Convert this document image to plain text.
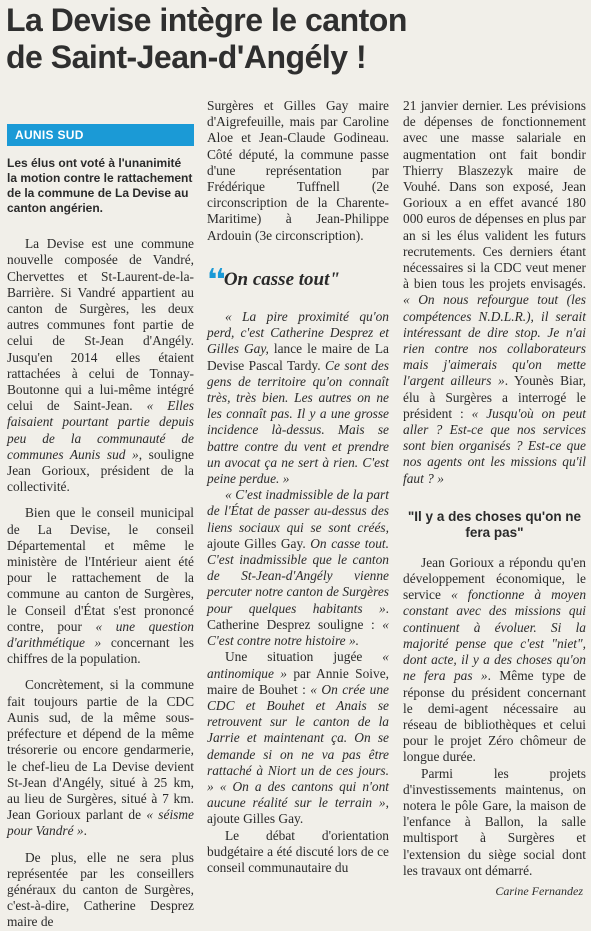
La Devise intègre le canton
de Saint-Jean-d'Angély !
AUNIS SUD

Les élus ont voté à l'unanimité la motion contre le rattachement de la commune de La Devise au canton angérien.

La Devise est une commune nouvelle composée de Vandré, Chervettes et St-Laurent-de-la-Barrière. Si Vandré appartient au canton de Surgères, les deux autres communes font partie de celui de St-Jean d'Angély. Jusqu'en 2014 elles étaient rattachées à celui de Tonnay-Boutonne qui a lui-même intégré celui de Saint-Jean. « Elles faisaient pourtant partie depuis peu de la communauté de communes Aunis sud », souligne Jean Gorioux, président de la collectivité.

Bien que le conseil municipal de La Devise, le conseil Départemental et même le ministère de l'Intérieur aient été pour le rattachement de la commune au canton de Surgères, le Conseil d'État s'est prononcé contre, pour « une question d'arithmétique » concernant les chiffres de la population.

Concrètement, si la commune fait toujours partie de la CDC Aunis sud, de la même sous-préfecture et dépend de la même trésorerie ou encore gendarmerie, le chef-lieu de La Devise devient St-Jean d'Angély, situé à 25 km, au lieu de Surgères, situé à 7 km. Jean Gorioux parlant de « séisme pour Vandré ».

De plus, elle ne sera plus représentée par les conseillers généraux du canton de Surgères, c'est-à-dire, Catherine Desprez maire de

Surgères et Gilles Gay maire d'Aigrefeuille, mais par Caroline Aloe et Jean-Claude Godineau. Côté député, la commune passe d'une représentation par Frédérique Tuffnell (2e circonscription de la Charente-Maritime) à Jean-Philippe Ardouin (3e circonscription).

❛❛On casse tout"

« La pire proximité qu'on perd, c'est Catherine Desprez et Gilles Gay, lance le maire de La Devise Pascal Tardy. Ce sont des gens de territoire qu'on connaît très, très bien. Les autres on ne les connaît pas. Il y a une grosse incidence là-dessus. Mais se battre contre du vent et prendre un avocat ça ne sert à rien. C'est peine perdue. »

« C'est inadmissible de la part de l'État de passer au-dessus des liens sociaux qui se sont créés, ajoute Gilles Gay. On casse tout. C'est inadmissible que le canton de St-Jean-d'Angély vienne percuter notre canton de Surgères pour quelques habitants ». Catherine Desprez souligne : « C'est contre notre histoire ».

Une situation jugée « antinomique » par Annie Soive, maire de Bouhet : « On crée une CDC et Bouhet et Anais se retrouvent sur le canton de la Jarrie et maintenant ça. On se demande si on ne va pas être rattaché à Niort un de ces jours. » « On a des cantons qui n'ont aucune réalité sur le terrain », ajoute Gilles Gay.

Le débat d'orientation budgétaire a été discuté lors de ce conseil communautaire du

21 janvier dernier. Les prévisions de dépenses de fonctionnement avec une masse salariale en augmentation ont fait bondir Thierry Blaszezyk maire de Vouhé. Dans son exposé, Jean Gorioux a en effet avancé 180 000 euros de dépenses en plus par an si les élus valident les futurs recrutements. Ces derniers étant nécessaires si la CDC veut mener à bien tous les projets envisagés. « On nous refourgue tout (les compétences N.D.L.R.), il serait intéressant de dire stop. Je n'ai rien contre nos collaborateurs mais j'aimerais qu'on mette l'argent ailleurs ». Younès Biar, élu à Surgères a interrogé le président : « Jusqu'où on peut aller ? Est-ce que nos services sont bien organisés ? Est-ce que nos agents ont les missions qu'il faut ? »

"Il y a des choses qu'on ne fera pas"

Jean Gorioux a répondu qu'en développement économique, le service « fonctionne à moyen constant avec des missions qui continuent à évoluer. Si la majorité pense que c'est "niet", dont acte, il y a des choses qu'on ne fera pas ». Même type de réponse du président concernant le demi-agent nécessaire au réseau de bibliothèques et celui pour le projet Zéro chômeur de longue durée.

Parmi les projets d'investissements maintenus, on notera le pôle Gare, la maison de l'enfance à Ballon, la salle multisport à Surgères et l'extension du siège social dont les travaux ont démarré.

Carine Fernandez
